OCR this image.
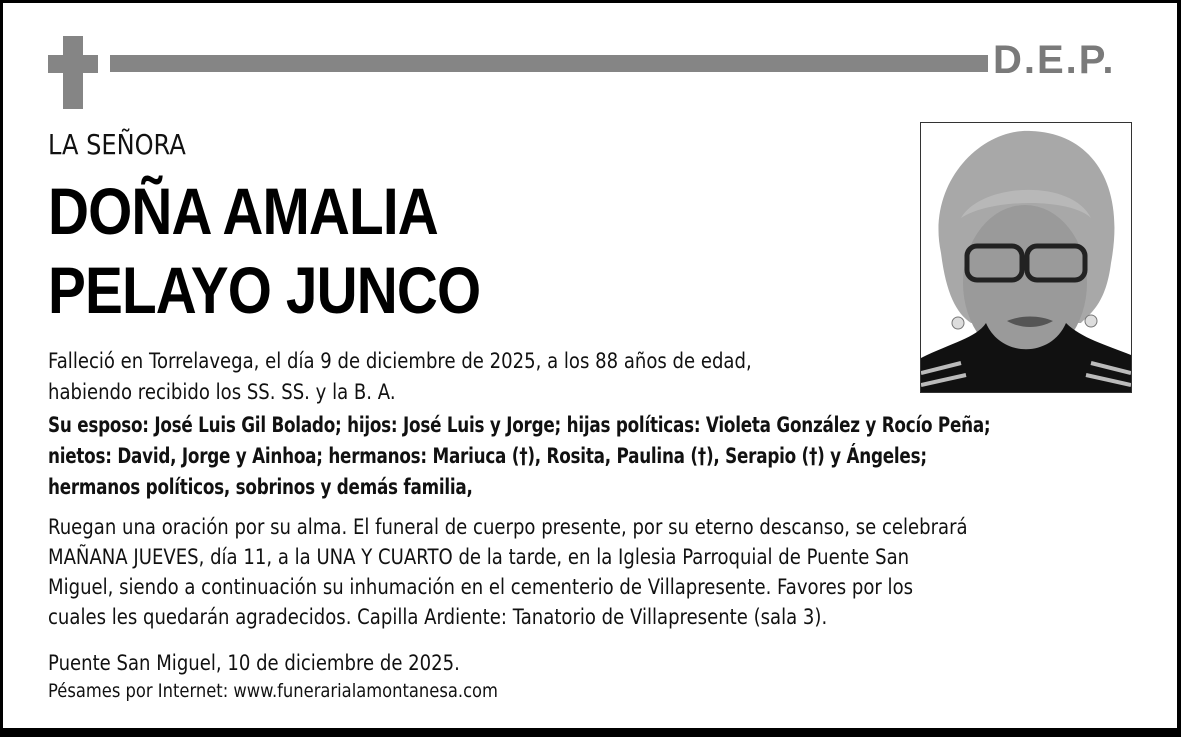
D.E.P.
LA SEÑORA
DOÑA AMALIA
PELAYO JUNCO
Falleció en Torrelavega, el día 9 de diciembre de 2025, a los 88 años de edad,
habiendo recibido los SS. SS. y la B. A.
Su esposo: José Luis Gil Bolado; hijos: José Luis y Jorge; hijas políticas: Violeta González y Rocío Peña;
nietos: David, Jorge y Ainhoa; hermanos: Mariuca (†), Rosita, Paulina (†), Serapio (†) y Ángeles;
hermanos políticos, sobrinos y demás familia,
Ruegan una oración por su alma. El funeral de cuerpo presente, por su eterno descanso, se celebrará
MAÑANA JUEVES, día 11, a la UNA Y CUARTO de la tarde, en la Iglesia Parroquial de Puente San
Miguel, siendo a continuación su inhumación en el cementerio de Villapresente. Favores por los
cuales les quedarán agradecidos. Capilla Ardiente: Tanatorio de Villapresente (sala 3).
Puente San Miguel, 10 de diciembre de 2025.
Pésames por Internet: www.funerarialamontanesa.com
